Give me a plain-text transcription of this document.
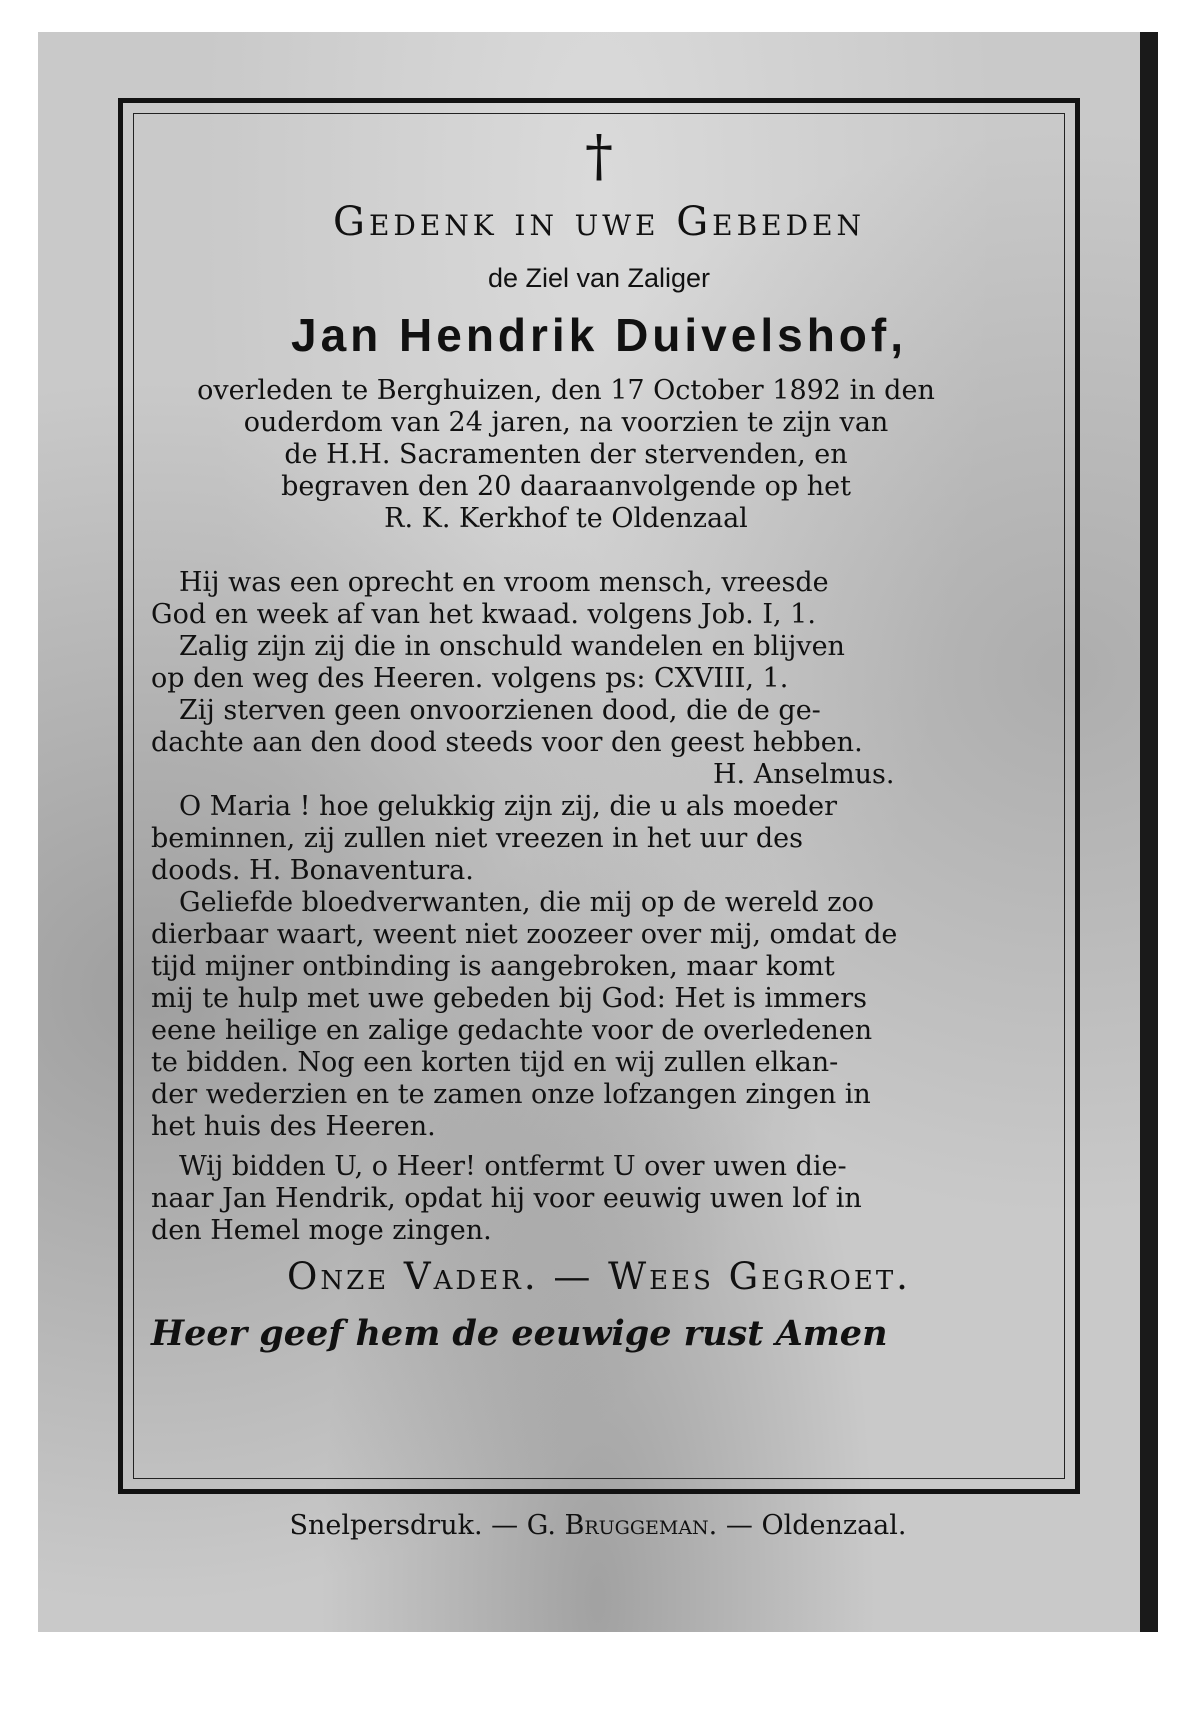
†
Gedenk in uwe Gebeden
de Ziel van Zaliger
Jan Hendrik Duivelshof,
overleden te Berghuizen, den 17 October 1892 in den
ouderdom van 24 jaren, na voorzien te zijn van
de H.H. Sacramenten der stervenden, en
begraven den 20 daaraanvolgende op het
R. K. Kerkhof te Oldenzaal
Hij was een oprecht en vroom mensch, vreesde
God en week af van het kwaad. volgens Job. I, 1.
Zalig zijn zij die in onschuld wandelen en blijven
op den weg des Heeren. volgens ps: CXVIII, 1.
Zij sterven geen onvoorzienen dood, die de ge-
dachte aan den dood steeds voor den geest hebben.
H. Anselmus.
O Maria ! hoe gelukkig zijn zij, die u als moeder
beminnen, zij zullen niet vreezen in het uur des
doods. H. Bonaventura.
Geliefde bloedverwanten, die mij op de wereld zoo
dierbaar waart, weent niet zoozeer over mij, omdat de
tijd mijner ontbinding is aangebroken, maar komt
mij te hulp met uwe gebeden bij God: Het is immers
eene heilige en zalige gedachte voor de overledenen
te bidden. Nog een korten tijd en wij zullen elkan-
der wederzien en te zamen onze lofzangen zingen in
het huis des Heeren.
Wij bidden U, o Heer! ontfermt U over uwen die-
naar Jan Hendrik, opdat hij voor eeuwig uwen lof in
den Hemel moge zingen.
Onze Vader. — Wees Gegroet.
Heer geef hem de eeuwige rust Amen
Snelpersdruk. — G. Bruggeman. — Oldenzaal.
